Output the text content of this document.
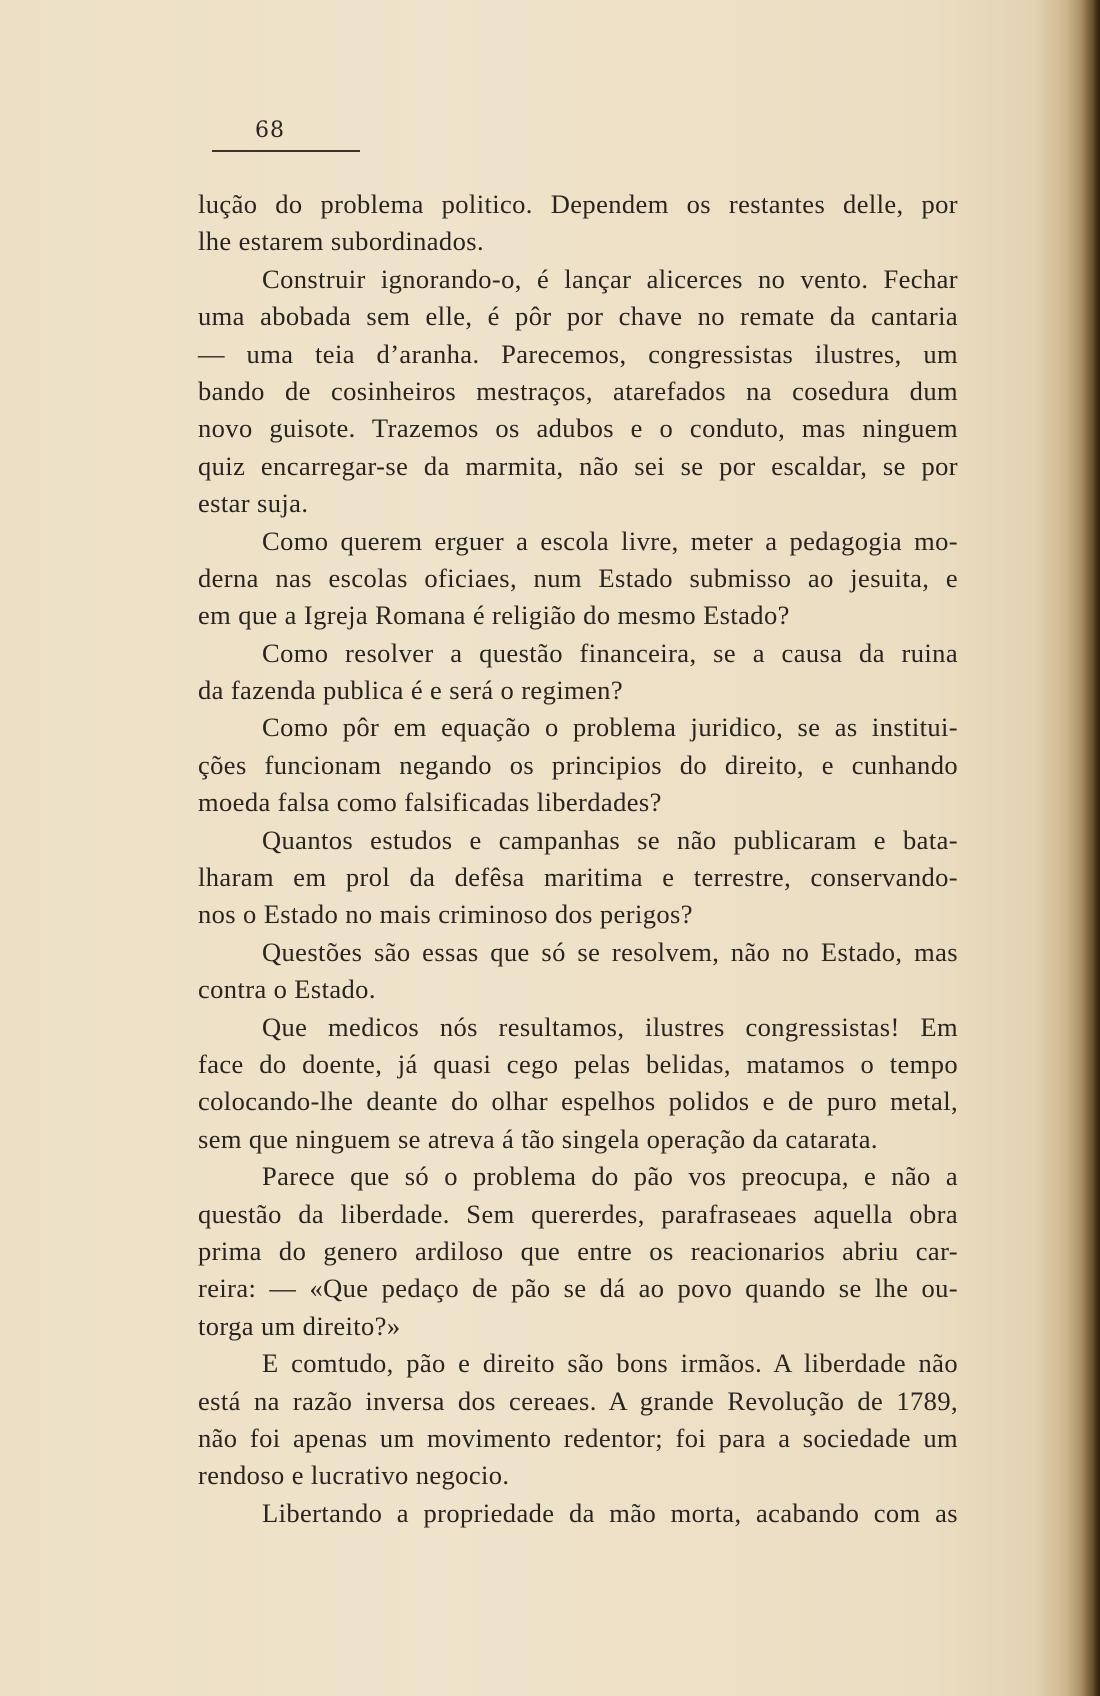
68
lução do problema politico. Dependem os restantes delle, por
lhe estarem subordinados.
Construir ignorando-o, é lançar alicerces no vento. Fechar
uma abobada sem elle, é pôr por chave no remate da cantaria
— uma teia d’aranha. Parecemos, congressistas ilustres, um
bando de cosinheiros mestraços, atarefados na cosedura dum
novo guisote. Trazemos os adubos e o conduto, mas ninguem
quiz encarregar-se da marmita, não sei se por escaldar, se por
estar suja.
Como querem erguer a escola livre, meter a pedagogia mo-
derna nas escolas oficiaes, num Estado submisso ao jesuita, e
em que a Igreja Romana é religião do mesmo Estado?
Como resolver a questão financeira, se a causa da ruina
da fazenda publica é e será o regimen?
Como pôr em equação o problema juridico, se as institui-
ções funcionam negando os principios do direito, e cunhando
moeda falsa como falsificadas liberdades?
Quantos estudos e campanhas se não publicaram e bata-
lharam em prol da defêsa maritima e terrestre, conservando-
nos o Estado no mais criminoso dos perigos?
Questões são essas que só se resolvem, não no Estado, mas
contra o Estado.
Que medicos nós resultamos, ilustres congressistas! Em
face do doente, já quasi cego pelas belidas, matamos o tempo
colocando-lhe deante do olhar espelhos polidos e de puro metal,
sem que ninguem se atreva á tão singela operação da catarata.
Parece que só o problema do pão vos preocupa, e não a
questão da liberdade. Sem quererdes, parafraseaes aquella obra
prima do genero ardiloso que entre os reacionarios abriu car-
reira: — «Que pedaço de pão se dá ao povo quando se lhe ou-
torga um direito?»
E comtudo, pão e direito são bons irmãos. A liberdade não
está na razão inversa dos cereaes. A grande Revolução de 1789,
não foi apenas um movimento redentor; foi para a sociedade um
rendoso e lucrativo negocio.
Libertando a propriedade da mão morta, acabando com as
